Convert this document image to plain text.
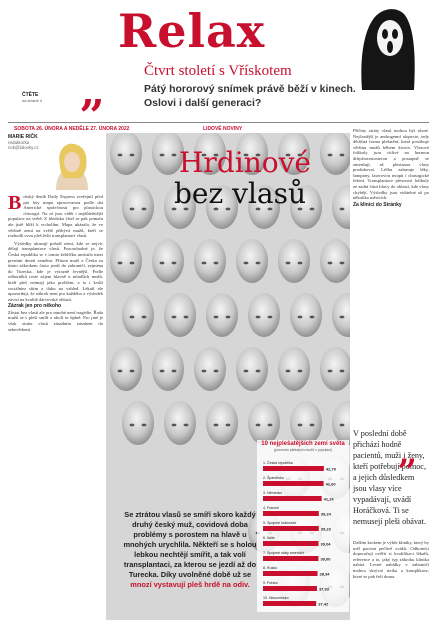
Relax
„	Čtvrt století s Vřískotem
Pátý hororový snímek právě běží v kinech. Oslovi i další generaci?
ČTĚTE
na straně 4
SOBOTA 26. ÚNORA A NEDĚLE 27. ÚNORA 2022	LIDOVÉ NOVINY
MARIE RIČK
redaktorka
rick@lidovky.cz
B ritský deník Daily Express zveřejnil před pár lety mapu zpracovanou podle dat Americké společnosti pro plastickou chirurgii. Na ní jsou vidět i nejdůležitější populace na světě. Z hlediska čísel se pak pomalu ale jistě blíží k vrcholům. Mapa ukázala, že ve většině zemí na světě přibývá mužů, kteří se rozhodli svou pleš řešit transplantací vlasů.

Výsledky ukazují pořadí zemí, kde se nejvíc dělají transplantace vlasů. Pozoruhodné je, že Česká republika se v tomto žebříčku umístila mezi prvními deseti zeměmi. Přitom muži z Česka za tímto zákrokem často jezdí do zahraničí, zejména do Turecka, kde je výrazně levnější. Podle odborníků roste zájem hlavně u mladších mužů, kteří pleš vnímají jako problém, a to i kvůli sociálním sítím a tlaku na vzhled. Lékaři ale upozorňují, že zákrok není pro každého a výsledek závisí na kvalitě dárcovské oblasti.

Zázrak jen pro někoho

Zůstat bez vlasů ale pro mnohé není tragédie. Řada mužů se s pleší smíří a oholí se úplně. Pro jiné je však ztráta vlasů zásadním zásahem do sebevědomí.

Hrdinové
bez vlasů

Příčiny ztráty vlasů mohou být různé. Nejčastější je androgenní alopecie, tedy dědičná forma plešatění, která postihuje většinu mužů během života. Vlasové folikuly jsou citlivé na hormon dihydrotestosteron a postupně se zmenšují, až přestanou vlasy produkovat. Léčba zahrnuje léky, šampony, laserovou terapii i chirurgické řešení. Transplantace přesouvá folikuly ze zadní části hlavy do oblastí, kde vlasy chybějí. Výsledky jsou viditelné až po několika měsících.

Za klinici do Stránky

V poslední době přichází hodně pacientů, muži i ženy, kteří potřebují pomoc, a jejich důsledkem jsou vlasy více vypadávají, uvádí Horáčková. Ti se nemusejí pleši obávat.
„

Dalším krokem je výběr kliniky, který by měl pacient pečlivě zvážit. Odborníci doporučují ověřit si kvalifikaci lékařů, reference a to, jaký typ zákroku klinika nabízí. Levné nabídky v zahraničí mohou skrývat rizika a komplikace, které se pak řeší doma.

10 nejplešatějších zemí světa
(procento plešatých mužů v populaci)
1. Česká republika
42,79
2. Španělsko
42,60
3. Německo
41,24
4. Francie
39,24
5. Spojené království
39,23
6. Itálie
39,04
7. Spojené státy americké
39,00
8. Rusko
38,34
9. Polsko
37,93
10. Nizozemsko
37,42
Se ztrátou vlasů se smíří skoro každý druhý český muž, covidová doba problémy s porostem na hlavě u mnohých urychlila. Někteří se s holou lebkou nechtějí smířit, a tak volí transplantaci, za kterou se jezdí až do Turecka. Díky uvolněné době už se mnozí vystavují pleš hrdě na odiv.
